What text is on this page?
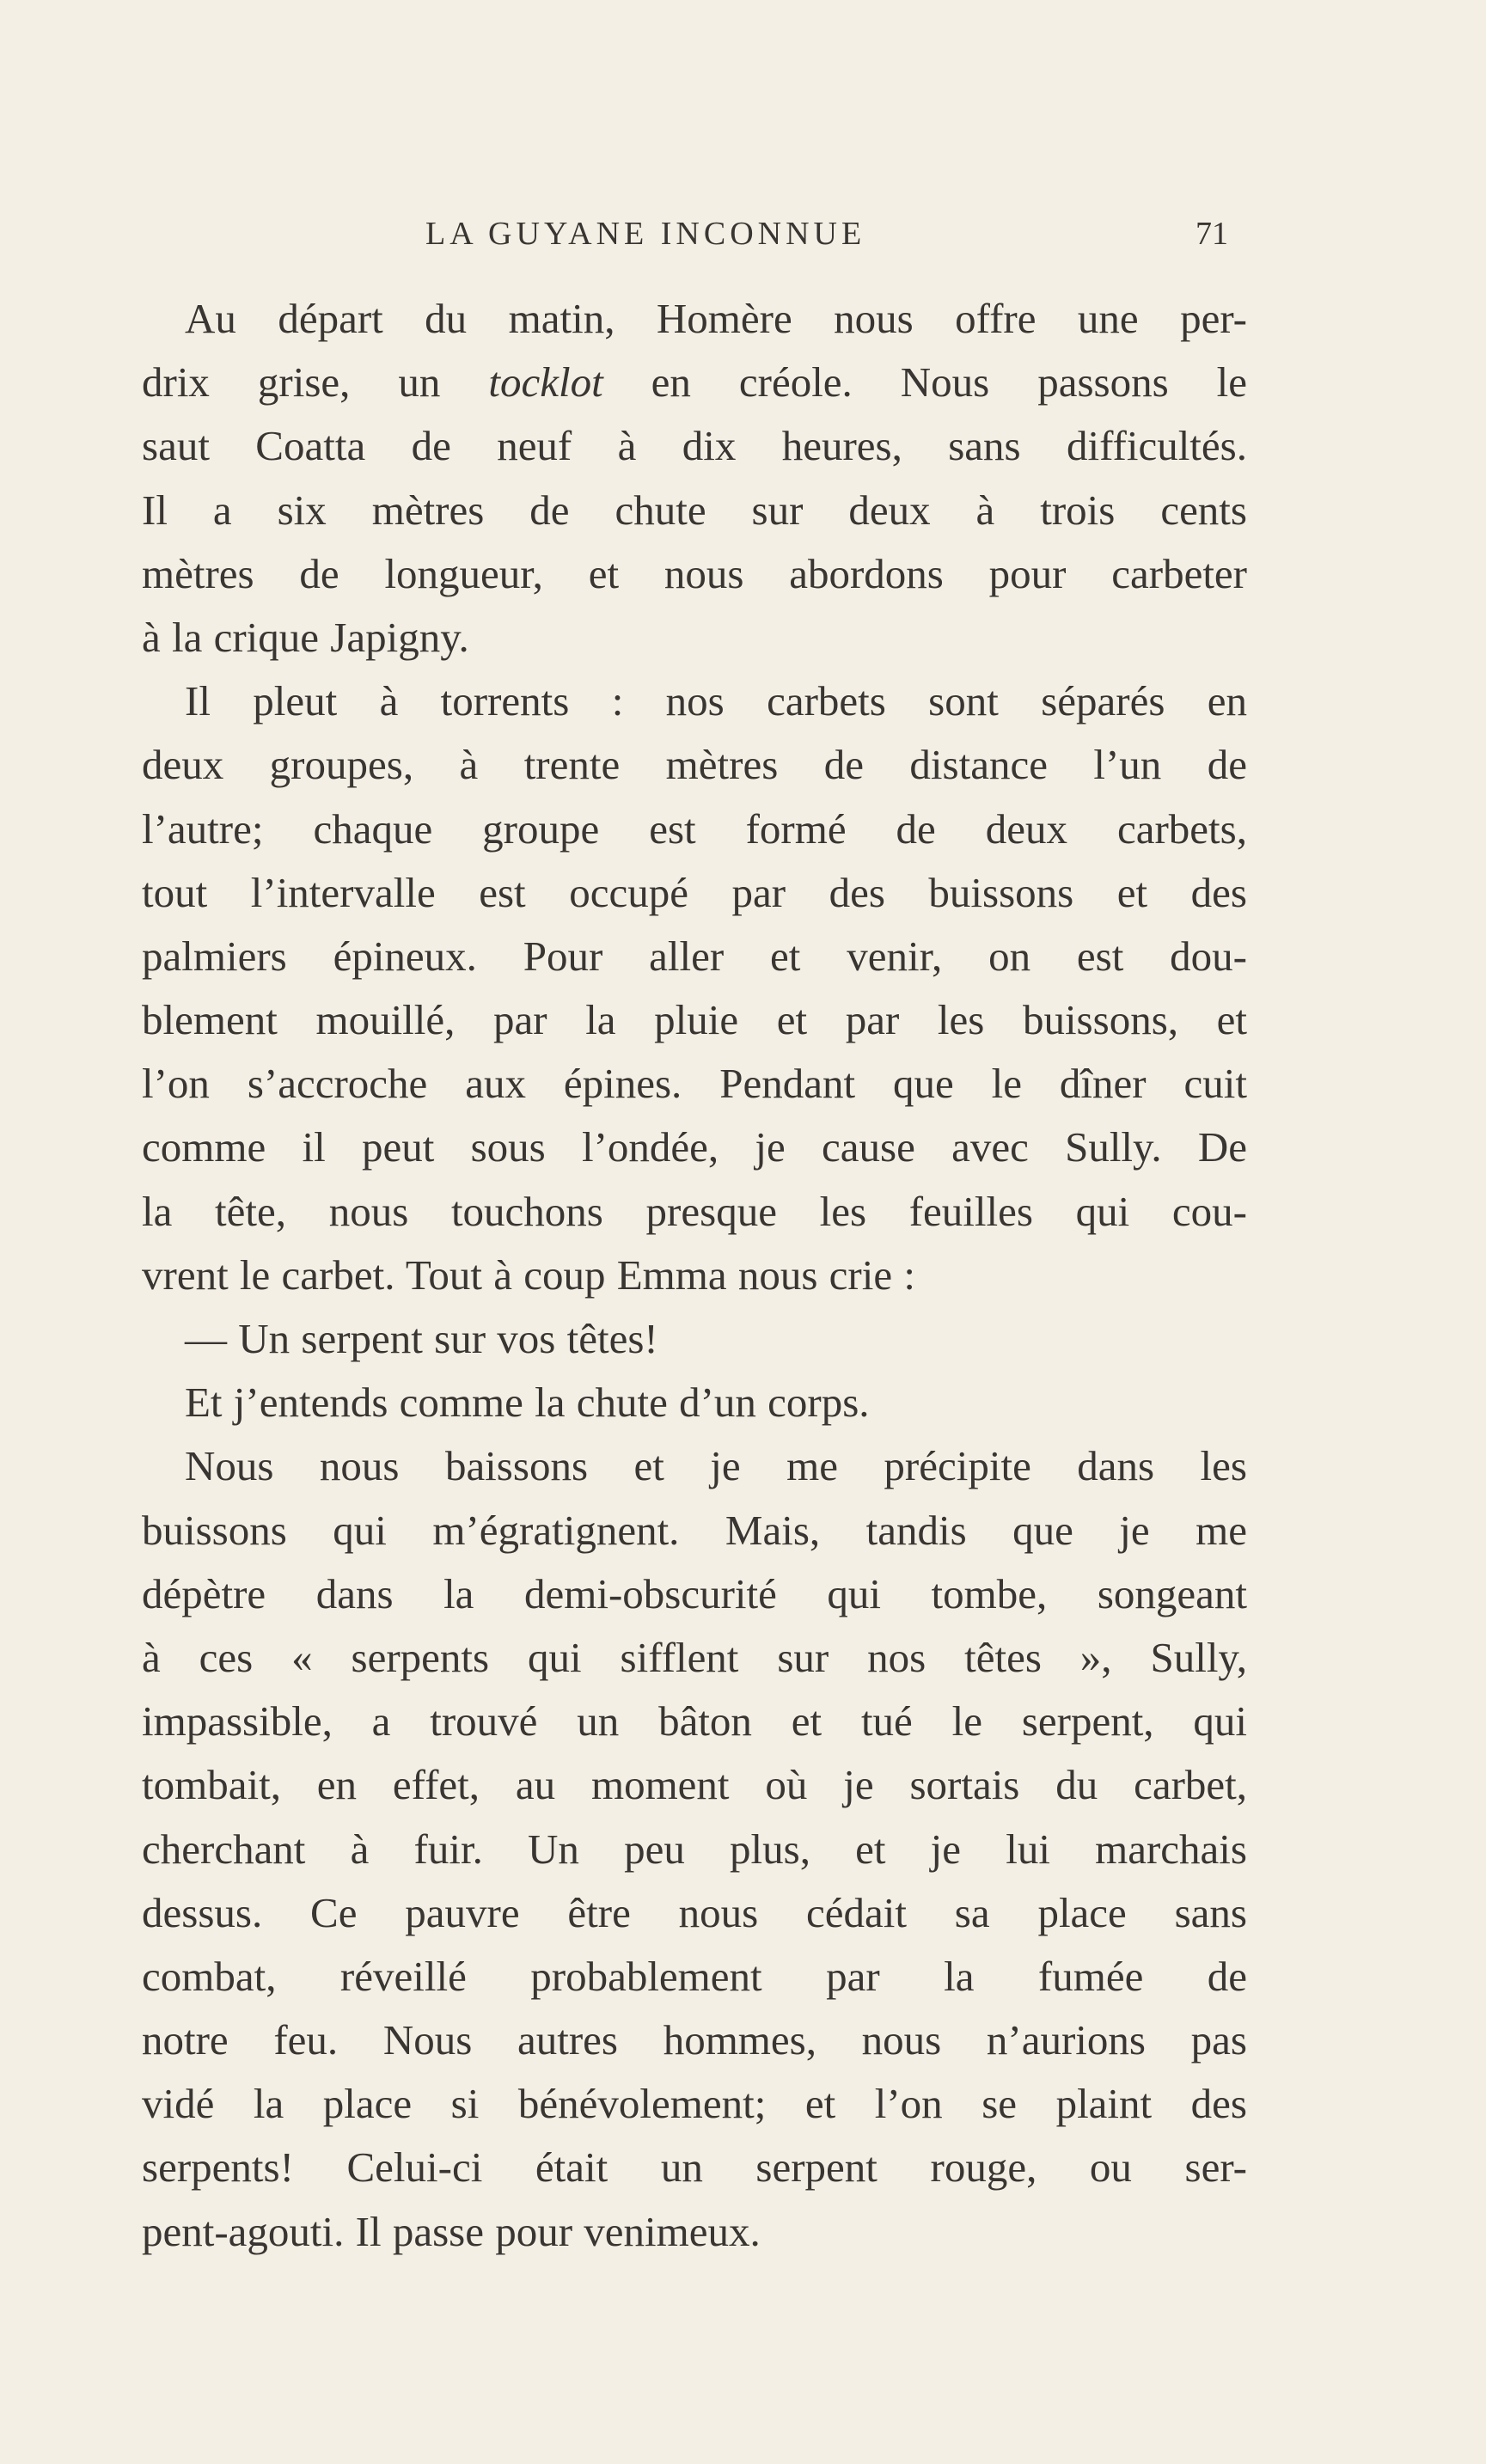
LA GUYANE INCONNUE	71
Au départ du matin, Homère nous offre une per-
drix grise, un tocklot en créole. Nous passons le
saut Coatta de neuf à dix heures, sans difficultés.
Il a six mètres de chute sur deux à trois cents
mètres de longueur, et nous abordons pour carbeter
à la crique Japigny.
Il pleut à torrents : nos carbets sont séparés en
deux groupes, à trente mètres de distance l’un de
l’autre; chaque groupe est formé de deux carbets,
tout l’intervalle est occupé par des buissons et des
palmiers épineux. Pour aller et venir, on est dou-
blement mouillé, par la pluie et par les buissons, et
l’on s’accroche aux épines. Pendant que le dîner cuit
comme il peut sous l’ondée, je cause avec Sully. De
la tête, nous touchons presque les feuilles qui cou-
vrent le carbet. Tout à coup Emma nous crie :
— Un serpent sur vos têtes!
Et j’entends comme la chute d’un corps.
Nous nous baissons et je me précipite dans les
buissons qui m’égratignent. Mais, tandis que je me
dépètre dans la demi-obscurité qui tombe, songeant
à ces « serpents qui sifflent sur nos têtes », Sully,
impassible, a trouvé un bâton et tué le serpent, qui
tombait, en effet, au moment où je sortais du carbet,
cherchant à fuir. Un peu plus, et je lui marchais
dessus. Ce pauvre être nous cédait sa place sans
combat, réveillé probablement par la fumée de
notre feu. Nous autres hommes, nous n’aurions pas
vidé la place si bénévolement; et l’on se plaint des
serpents! Celui-ci était un serpent rouge, ou ser-
pent-agouti. Il passe pour venimeux.
